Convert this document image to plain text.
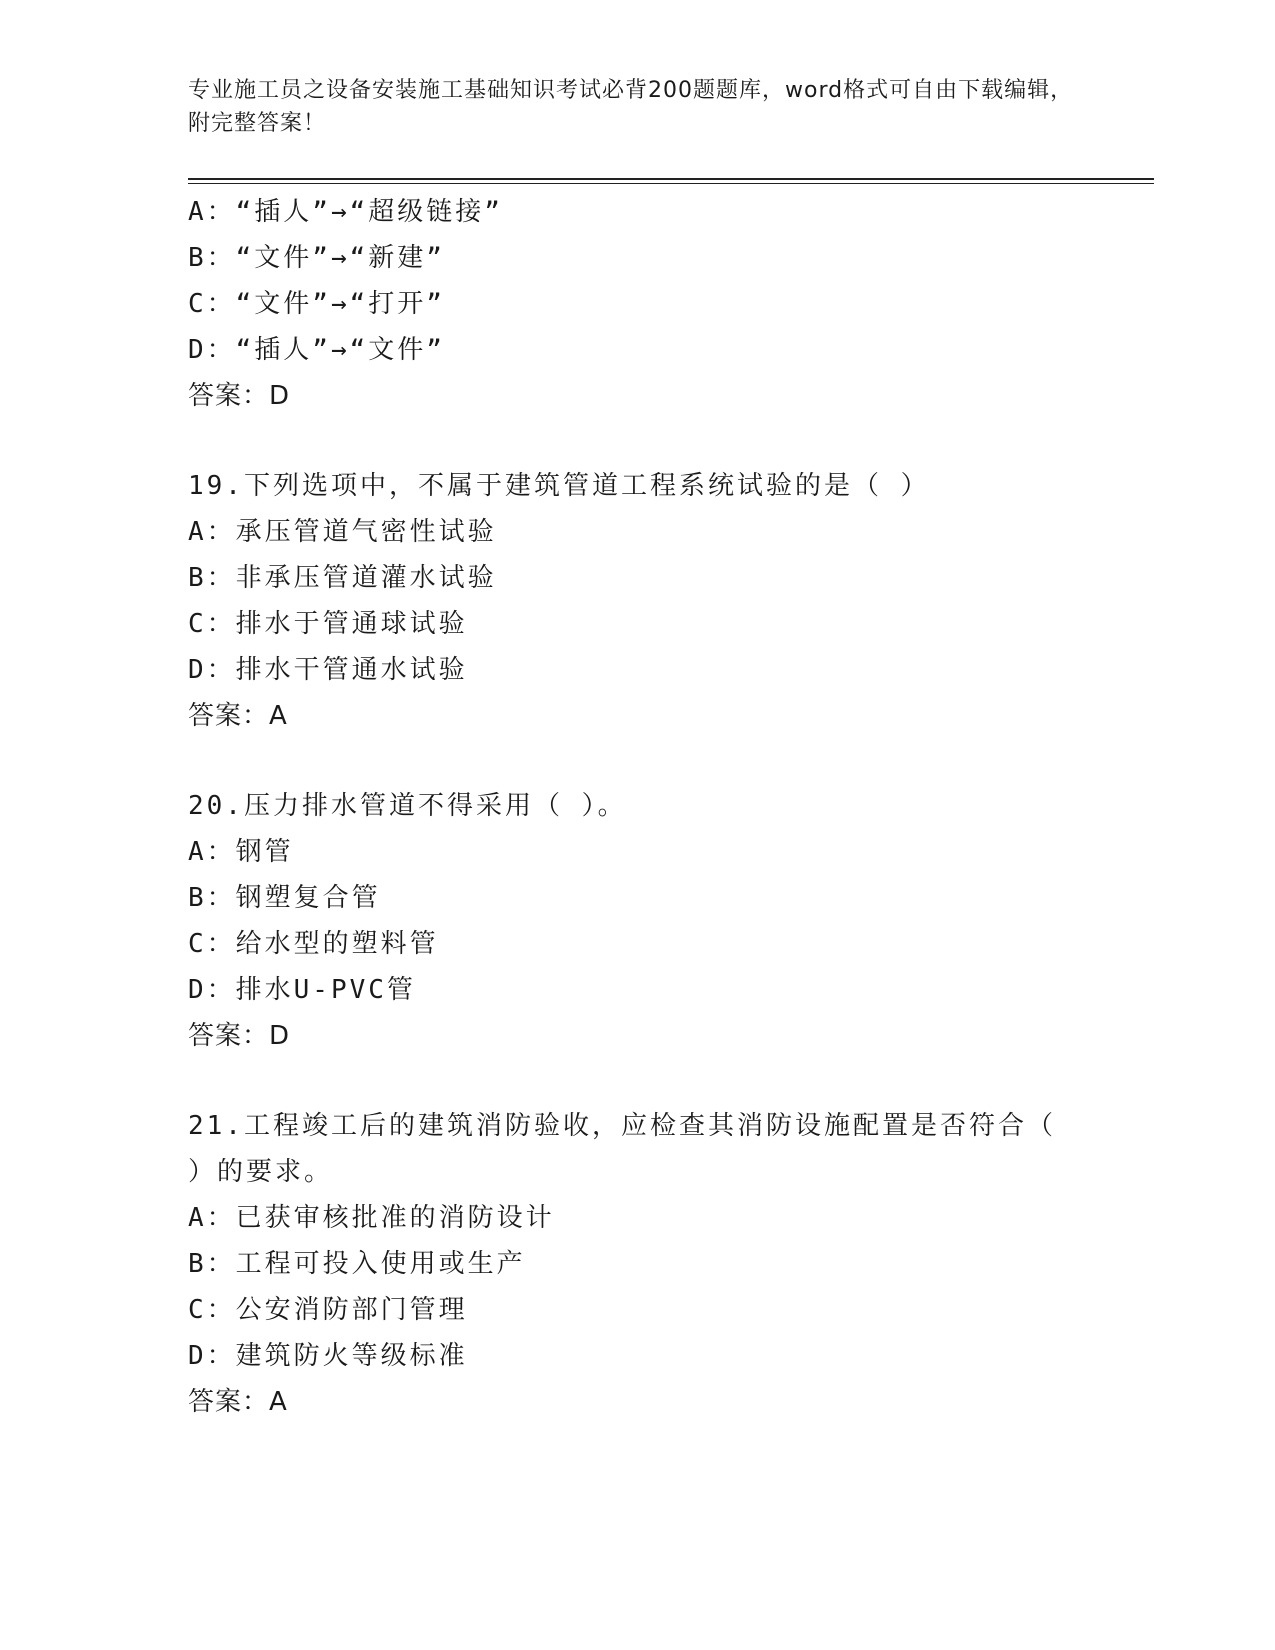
专业施工员之设备安装施工基础知识考试必背200题题库，word格式可自由下载编辑，附完整答案！
A：“插人”→“超级链接”
B：“文件”→“新建”
C：“文件”→“打开”
D：“插人”→“文件”
答案：D
19.下列选项中，不属于建筑管道工程系统试验的是（ ）
A：承压管道气密性试验
B：非承压管道灌水试验
C：排水于管通球试验
D：排水干管通水试验
答案：A
20.压力排水管道不得采用（ ）。
A：钢管
B：钢塑复合管
C：给水型的塑料管
D：排水U-PVC管
答案：D
21.工程竣工后的建筑消防验收，应检查其消防设施配置是否符合（
）的要求。
A：已获审核批准的消防设计
B：工程可投入使用或生产
C：公安消防部门管理
D：建筑防火等级标准
答案：A
